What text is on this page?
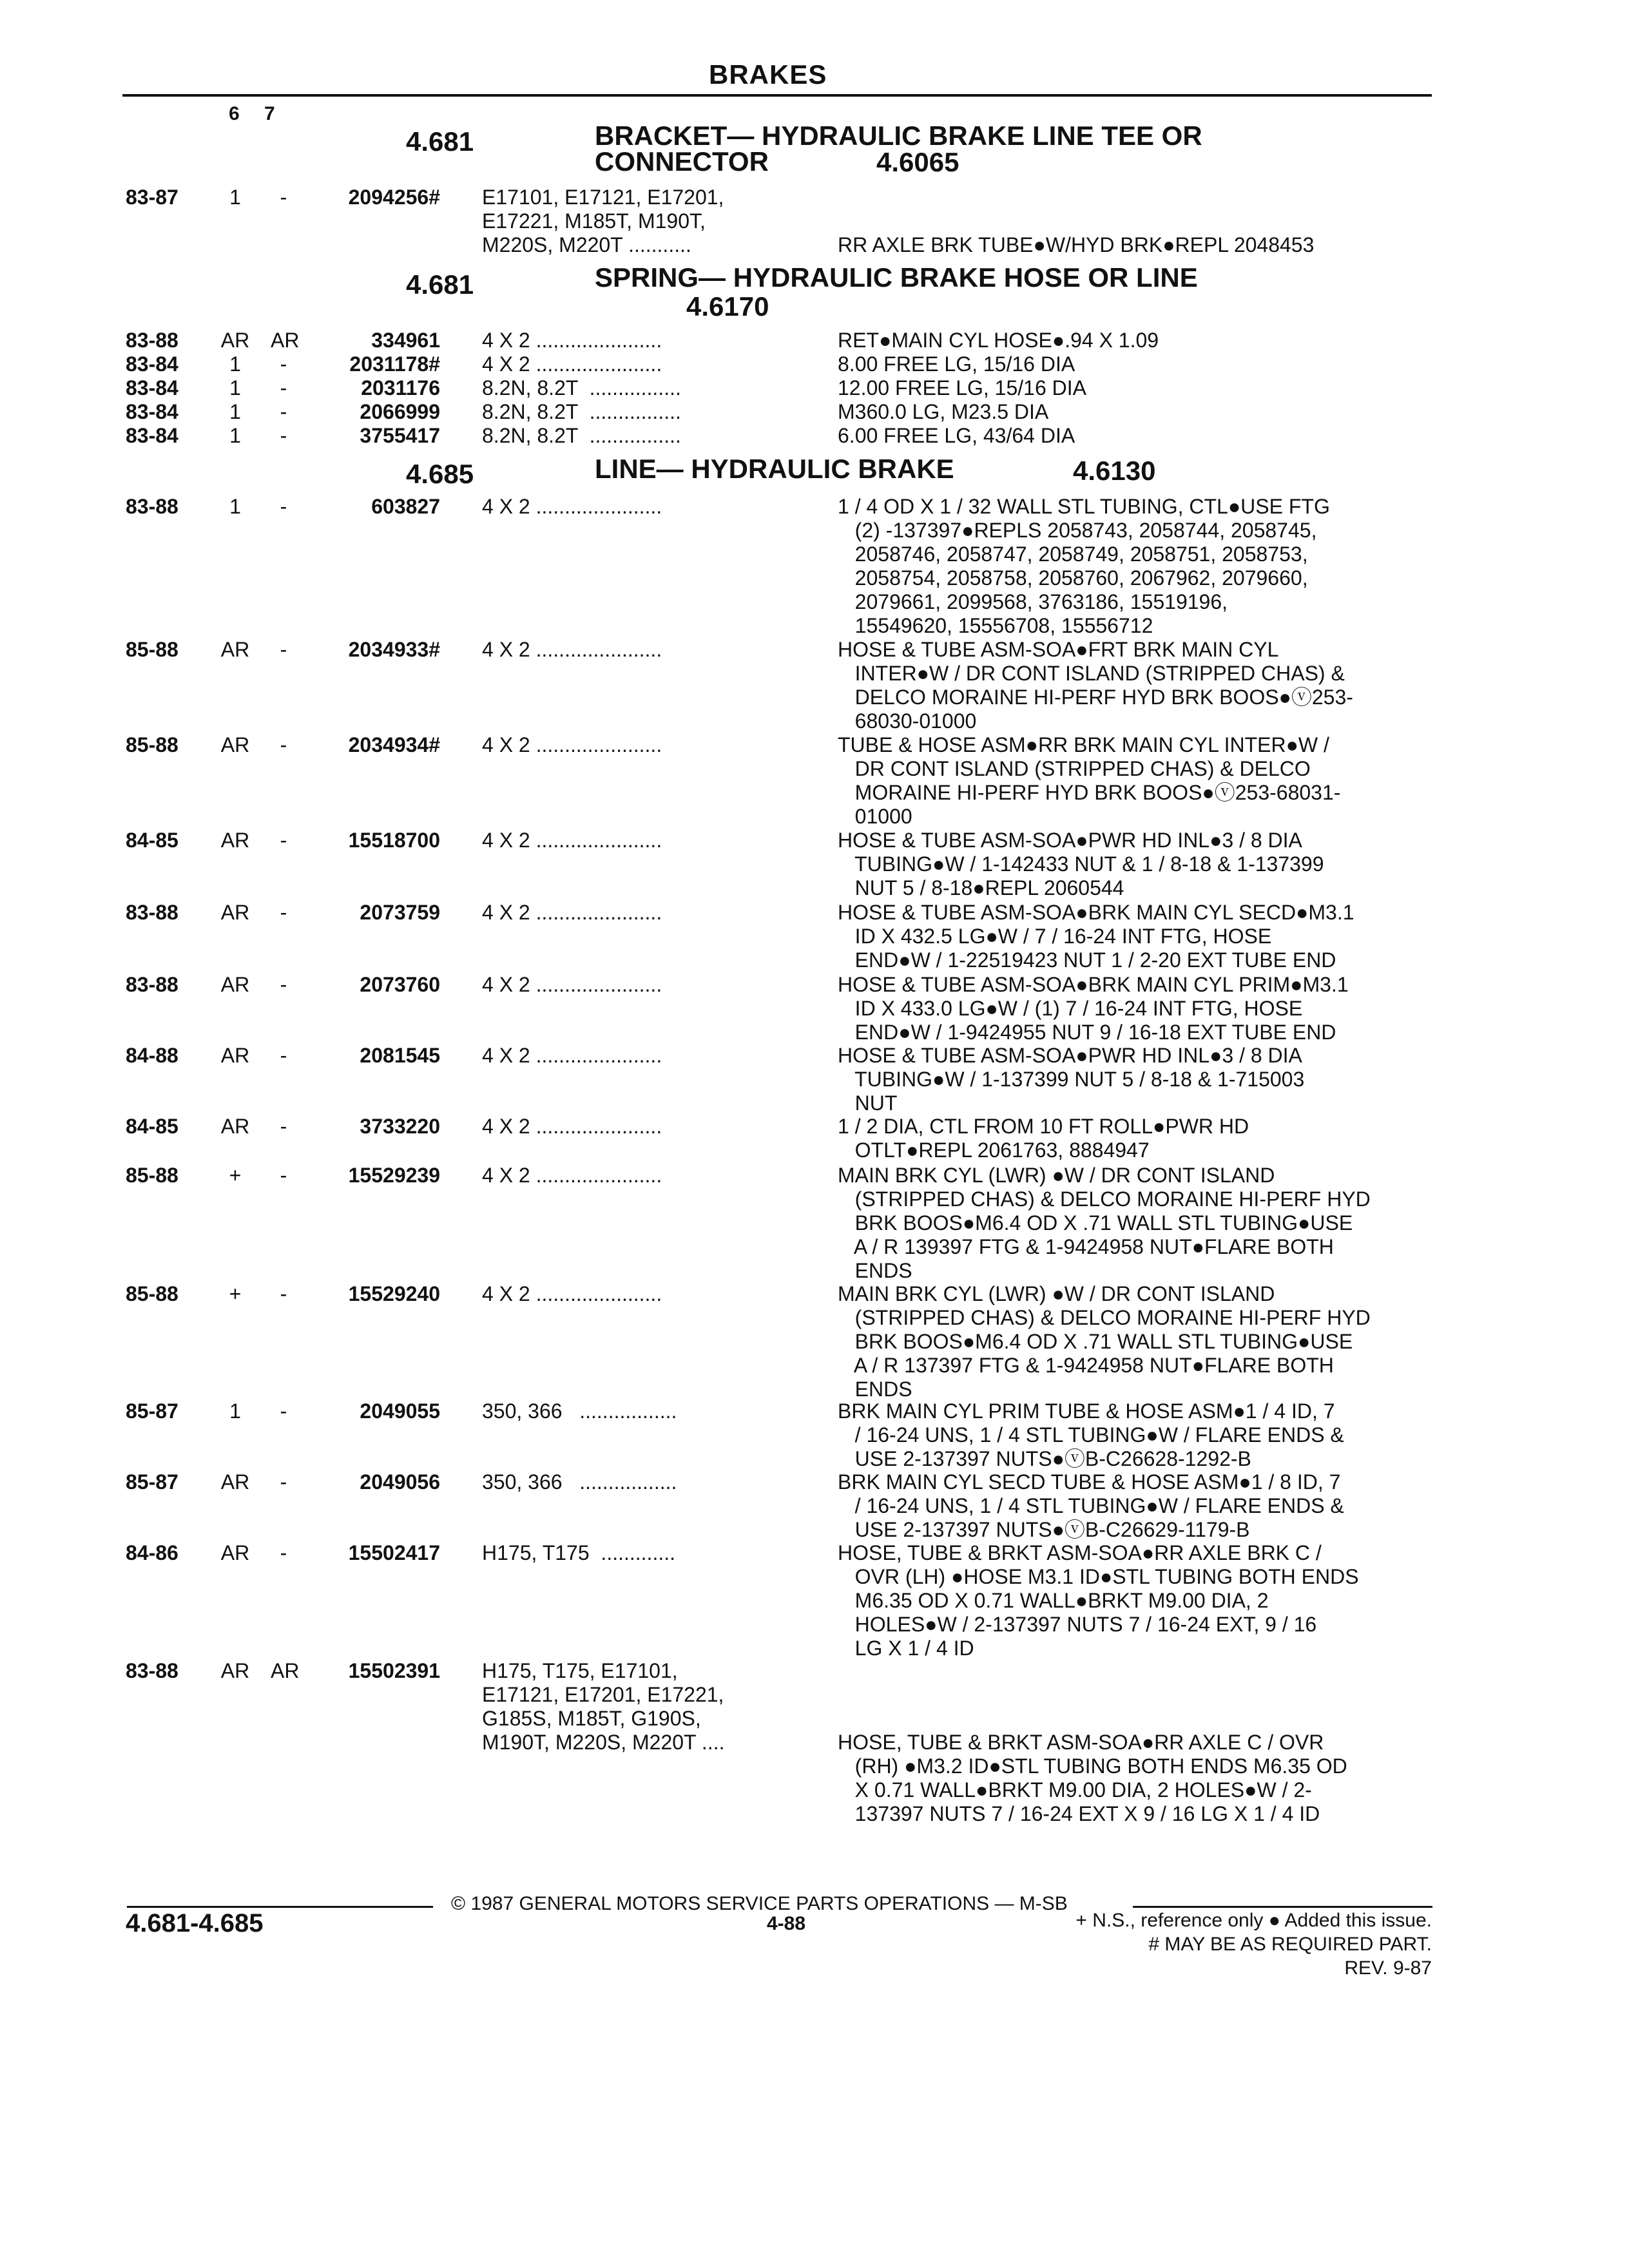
BRAKES
6 7
4.681	BRACKET— HYDRAULIC BRAKE LINE TEE OR
CONNECTOR	4.6065
83-87	1	-	2094256# E17101, E17121, E17201,
E17221, M185T, M190T,
M220S, M220T ...........	

RR AXLE BRK TUBE●W/HYD BRK●REPL 2048453
4.681	SPRING— HYDRAULIC BRAKE HOSE OR LINE
4.6170
83-88	AR	AR	334961 4 X 2 ......................	RET●MAIN CYL HOSE●.94 X 1.09
83-84	1	-	2031178# 4 X 2 ......................	8.00 FREE LG, 15/16 DIA
83-84	1	-	2031176 8.2N, 8.2T  ................	12.00 FREE LG, 15/16 DIA
83-84	1	-	2066999 8.2N, 8.2T  ................	M360.0 LG, M23.5 DIA
83-84	1	-	3755417 8.2N, 8.2T  ................	6.00 FREE LG, 43/64 DIA
4.685	LINE— HYDRAULIC BRAKE	4.6130
83-88	1	-	603827 4 X 2 ......................	1 / 4 OD X 1 / 32 WALL STL TUBING, CTL●USE FTG
(2) -137397●REPLS 2058743, 2058744, 2058745,
2058746, 2058747, 2058749, 2058751, 2058753,
2058754, 2058758, 2058760, 2067962, 2079660,
2079661, 2099568, 3763186, 15519196,
15549620, 15556708, 15556712
85-88	AR	-	2034933# 4 X 2 ......................	HOSE & TUBE ASM-SOA●FRT BRK MAIN CYL
INTER●W / DR CONT ISLAND (STRIPPED CHAS) &
DELCO MORAINE HI-PERF HYD BRK BOOS●ⓥ253-
68030-01000
85-88	AR	-	2034934# 4 X 2 ......................	TUBE & HOSE ASM●RR BRK MAIN CYL INTER●W /
DR CONT ISLAND (STRIPPED CHAS) & DELCO
MORAINE HI-PERF HYD BRK BOOS●ⓥ253-68031-
01000
84-85	AR	-	15518700 4 X 2 ......................	HOSE & TUBE ASM-SOA●PWR HD INL●3 / 8 DIA
TUBING●W / 1-142433 NUT & 1 / 8-18 & 1-137399
NUT 5 / 8-18●REPL 2060544
83-88	AR	-	2073759 4 X 2 ......................	HOSE & TUBE ASM-SOA●BRK MAIN CYL SECD●M3.1
ID X 432.5 LG●W / 7 / 16-24 INT FTG, HOSE
END●W / 1-22519423 NUT 1 / 2-20 EXT TUBE END
83-88	AR	-	2073760 4 X 2 ......................	HOSE & TUBE ASM-SOA●BRK MAIN CYL PRIM●M3.1
ID X 433.0 LG●W / (1) 7 / 16-24 INT FTG, HOSE
END●W / 1-9424955 NUT 9 / 16-18 EXT TUBE END
84-88	AR	-	2081545 4 X 2 ......................	HOSE & TUBE ASM-SOA●PWR HD INL●3 / 8 DIA
TUBING●W / 1-137399 NUT 5 / 8-18 & 1-715003
NUT
84-85	AR	-	3733220 4 X 2 ......................	1 / 2 DIA, CTL FROM 10 FT ROLL●PWR HD
OTLT●REPL 2061763, 8884947
85-88	+	-	15529239 4 X 2 ......................	MAIN BRK CYL (LWR) ●W / DR CONT ISLAND
(STRIPPED CHAS) & DELCO MORAINE HI-PERF HYD
BRK BOOS●M6.4 OD X .71 WALL STL TUBING●USE
A / R 139397 FTG & 1-9424958 NUT●FLARE BOTH
ENDS
85-88	+	-	15529240 4 X 2 ......................	MAIN BRK CYL (LWR) ●W / DR CONT ISLAND
(STRIPPED CHAS) & DELCO MORAINE HI-PERF HYD
BRK BOOS●M6.4 OD X .71 WALL STL TUBING●USE
A / R 137397 FTG & 1-9424958 NUT●FLARE BOTH
ENDS
85-87	1	-	2049055 350, 366   .................	BRK MAIN CYL PRIM TUBE & HOSE ASM●1 / 4 ID, 7
/ 16-24 UNS, 1 / 4 STL TUBING●W / FLARE ENDS &
USE 2-137397 NUTS●ⓥB-C26628-1292-B
85-87	AR	-	2049056 350, 366   .................	BRK MAIN CYL SECD TUBE & HOSE ASM●1 / 8 ID, 7
/ 16-24 UNS, 1 / 4 STL TUBING●W / FLARE ENDS &
USE 2-137397 NUTS●ⓥB-C26629-1179-B
84-86	AR	-	15502417 H175, T175  .............	HOSE, TUBE & BRKT ASM-SOA●RR AXLE BRK C /
OVR (LH) ●HOSE M3.1 ID●STL TUBING BOTH ENDS
M6.35 OD X 0.71 WALL●BRKT M9.00 DIA, 2
HOLES●W / 2-137397 NUTS 7 / 16-24 EXT, 9 / 16
LG X 1 / 4 ID
83-88	AR	AR	15502391 H175, T175, E17101,
E17121, E17201, E17221,
G185S, M185T, G190S,
M190T, M220S, M220T ....	

HOSE, TUBE & BRKT ASM-SOA●RR AXLE C / OVR
(RH) ●M3.2 ID●STL TUBING BOTH ENDS M6.35 OD
X 0.71 WALL●BRKT M9.00 DIA, 2 HOLES●W / 2-
137397 NUTS 7 / 16-24 EXT X 9 / 16 LG X 1 / 4 ID
© 1987 GENERAL MOTORS SERVICE PARTS OPERATIONS — M-SB
4.681-4.685	4-88	+ N.S., reference only ● Added this issue.
# MAY BE AS REQUIRED PART.
REV. 9-87
